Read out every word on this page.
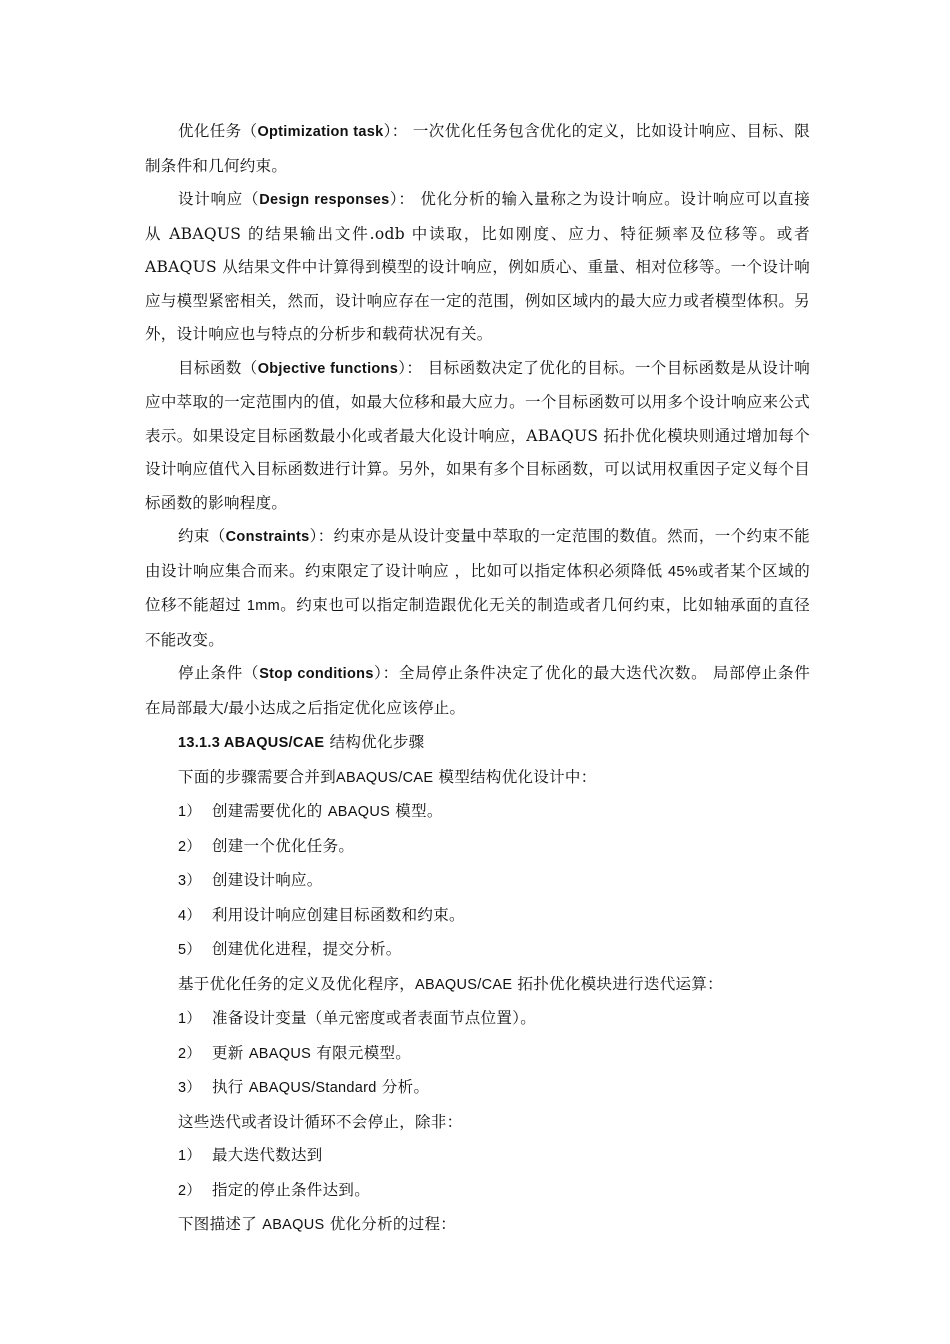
优化任务（Optimization task）： 一次优化任务包含优化的定义，比如设计响应、目标、限制条件和几何约束。

设计响应（Design responses）： 优化分析的输入量称之为设计响应。设计响应可以直接从 ABAQUS 的结果输出文件.odb 中读取，比如刚度、应力、特征频率及位移等。或者 ABAQUS 从结果文件中计算得到模型的设计响应，例如质心、重量、相对位移等。一个设计响应与模型紧密相关，然而，设计响应存在一定的范围，例如区域内的最大应力或者模型体积。另外，设计响应也与特点的分析步和载荷状况有关。

目标函数（Objective functions）： 目标函数决定了优化的目标。一个目标函数是从设计响应中萃取的一定范围内的值，如最大位移和最大应力。一个目标函数可以用多个设计响应来公式表示。如果设定目标函数最小化或者最大化设计响应，ABAQUS 拓扑优化模块则通过增加每个设计响应值代入目标函数进行计算。另外，如果有多个目标函数，可以试用权重因子定义每个目标函数的影响程度。

约束（Constraints）：约束亦是从设计变量中萃取的一定范围的数值。然而，一个约束不能由设计响应集合而来。约束限定了设计响应 ，比如可以指定体积必须降低 45%或者某个区域的位移不能超过 1mm。约束也可以指定制造跟优化无关的制造或者几何约束，比如轴承面的直径不能改变。

停止条件（Stop conditions）：全局停止条件决定了优化的最大迭代次数。 局部停止条件在局部最大/最小达成之后指定优化应该停止。

13.1.3 ABAQUS/CAE 结构优化步骤

下面的步骤需要合并到ABAQUS/CAE 模型结构优化设计中：

1） 创建需要优化的 ABAQUS 模型。

2） 创建一个优化任务。

3） 创建设计响应。

4） 利用设计响应创建目标函数和约束。

5） 创建优化进程，提交分析。

基于优化任务的定义及优化程序，ABAQUS/CAE 拓扑优化模块进行迭代运算：

1） 准备设计变量（单元密度或者表面节点位置）。

2） 更新 ABAQUS 有限元模型。

3） 执行 ABAQUS/Standard 分析。

这些迭代或者设计循环不会停止，除非：

1） 最大迭代数达到

2） 指定的停止条件达到。

下图描述了 ABAQUS 优化分析的过程：
